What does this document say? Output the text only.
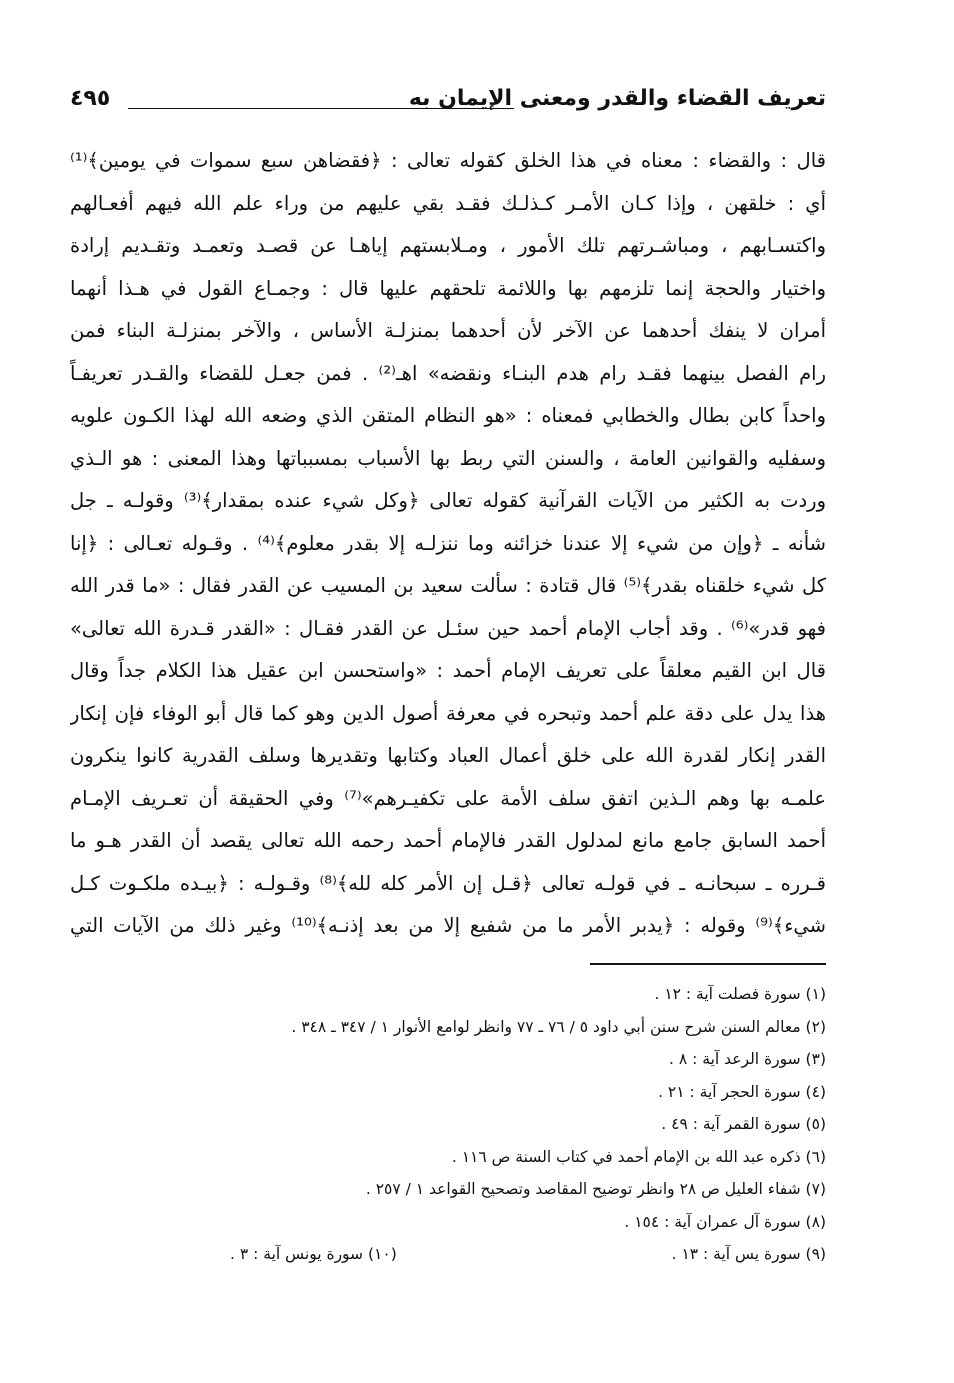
تعريف القضاء والقدر ومعنى الإيمان به
٤٩٥
قال : والقضاء : معناه في هذا الخلق كقوله تعالى : ﴿فقضاهن سبع سموات في يومين﴾⁽¹⁾
أي : خلقهن ، وإذا كـان الأمـر كـذلـك فقـد بقي عليهم من وراء علم الله فيهم أفعـالهم
واكتسـابهم ، ومباشـرتهم تلك الأمور ، ومـلابستهم إياهـا عن قصـد وتعمـد وتقـديم إرادة
واختيار والحجة إنما تلزمهم بها واللائمة تلحقهم عليها قال : وجمـاع القول في هـذا أنهما
أمران لا ينفك أحدهما عن الآخر لأن أحدهما بمنزلـة الأساس ، والآخر بمنزلـة البناء فمن
رام الفصل بينهما فقـد رام هدم البنـاء ونقضه» اهـ⁽²⁾ . فمن جعـل للقضاء والقـدر تعريفـاً
واحداً كابن بطال والخطابي فمعناه : «هو النظام المتقن الذي وضعه الله لهذا الكـون علويه
وسفليه والقوانين العامة ، والسنن التي ربط بها الأسباب بمسبباتها وهذا المعنى : هو الـذي
وردت به الكثير من الآيات القرآنية كقوله تعالى ﴿وكل شيء عنده بمقدار﴾⁽³⁾ وقولـه ـ جل
شأنه ـ ﴿وإن من شيء إلا عندنا خزائنه وما ننزلـه إلا بقدر معلوم﴾⁽⁴⁾ . وقـوله تعـالى : ﴿إنا
كل شيء خلقناه بقدر﴾⁽⁵⁾ قال قتادة : سألت سعيد بن المسيب عن القدر فقال : «ما قدر الله
فهو قدر»⁽⁶⁾ . وقد أجاب الإمام أحمد حين سئـل عن القدر فقـال : «القدر قـدرة الله تعالى»
قال ابن القيم معلقاً على تعريف الإمام أحمد : «واستحسن ابن عقيل هذا الكلام جداً وقال
هذا يدل على دقة علم أحمد وتبحره في معرفة أصول الدين وهو كما قال أبو الوفاء فإن إنكار
القدر إنكار لقدرة الله على خلق أعمال العباد وكتابها وتقديرها وسلف القدرية كانوا ينكرون
علمـه بها وهم الـذين اتفق سلف الأمة على تكفيـرهم»⁽⁷⁾ وفي الحقيقة أن تعـريف الإمـام
أحمد السابق جامع مانع لمدلول القدر فالإمام أحمد رحمه الله تعالى يقصد أن القدر هـو ما
قـرره ـ سبحانـه ـ في قولـه تعالى ﴿قـل إن الأمر كله لله﴾⁽⁸⁾ وقـولـه : ﴿بيـده ملكـوت كـل
شيء﴾⁽⁹⁾ وقوله : ﴿يدبر الأمر ما من شفيع إلا من بعد إذنـه﴾⁽¹⁰⁾ وغير ذلك من الآيات التي
(١) سورة فصلت آية : ١٢ .
(٢) معالم السنن شرح سنن أبي داود ٥ / ٧٦ ـ ٧٧ وانظر لوامع الأنوار ١ / ٣٤٧ ـ ٣٤٨ .
(٣) سورة الرعد آية : ٨ .
(٤) سورة الحجر آية : ٢١ .
(٥) سورة القمر آية : ٤٩ .
(٦) ذكره عبد الله بن الإمام أحمد في كتاب السنة ص ١١٦ .
(٧) شفاء العليل ص ٢٨ وانظر توضيح المقاصد وتصحيح القواعد ١ / ٢٥٧ .
(٨) سورة آل عمران آية : ١٥٤ .
(٩) سورة يس آية : ١٣ .
(١٠) سورة يونس آية : ٣ .
